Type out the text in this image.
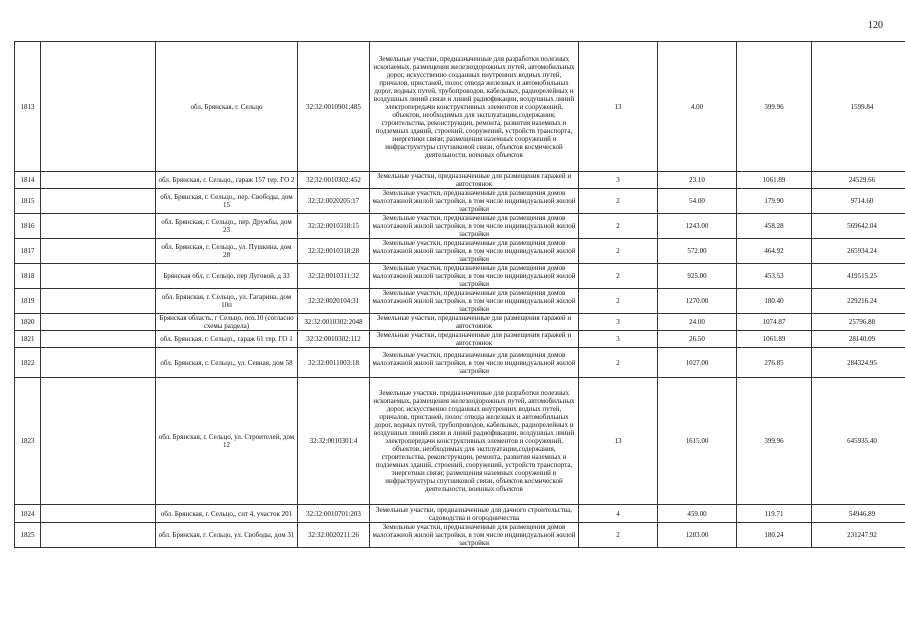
120
1813		обл. Брянская, г. Сельцо	32:32:0010901:485	Земельные участки, предназначенные для разработки полезных ископаемых, размещения железнодорожных путей, автомобильных дорог, искусственно созданных внутренних водных путей, причалов, пристаней, полос отвода железных и автомобильных дорог, водных путей, трубопроводов, кабельных, радиорелейных и воздушных линий связи и линий радиофикации, воздушных линий электропередачи конструктивных элементов и сооружений, объектов, необходимых для эксплуатации,содержания, строительства, реконструкции, ремонта, развития наземных и подземных зданий, строений, сооружений, устройств транспорта, энергетики связи; размещения наземных сооружений и инфраструктуры спутниковой связи, объектов космической деятельности, военных объектов	13	4.00	399.96	1599.84
1814		обл. Брянская, г. Сельцо,, гараж 157 тер. ГО 2	32:32:0010302:452	Земельные участки, предназначенные для размещения гаражей и автостоянок	3	23.10	1061.89	24529.66
1815		обл. Брянская, г. Сельцо,, пер. Свободы, дом 15	32:32:0020205:17	Земельные участки, предназначенные для размещения домов малоэтажной жилой застройки, в том числе индивидуальной жилой застройки	2	54.00	179.90	9714.60
1816		обл. Брянская, г. Сельцо,, пер. Дружбы, дом 23	32:32:0010318:15	Земельные участки, предназначенные для размещения домов малоэтажной жилой застройки, в том числе индивидуальной жилой застройки	2	1243.00	458.28	569642.04
1817		обл. Брянская, г. Сельцо,, ул. Пушкина, дом 28	32:32:0010318:28	Земельные участки, предназначенные для размещения домов малоэтажной жилой застройки, в том числе индивидуальной жилой застройки	2	572.00	464.92	265934.24
1818		Брянская обл, г. Сельцо, пер Луговой, д 33	32:32:0010311:32	Земельные участки, предназначенные для размещения домов малоэтажной жилой застройки, в том числе индивидуальной жилой застройки	2	925.00	453.53	419515.25
1819		обл. Брянская, г. Сельцо,, ул. Гагарина, дом 10п	32:32:0020104:31	Земельные участки, предназначенные для размещения домов малоэтажной жилой застройки, в том числе индивидуальной жилой застройки	2	1270.00	180.40	229216.24
1820		Брянская область, г Сельцо, поз.10 (согласно схемы раздела)	32:32:0010302:2048	Земельные участки, предназначенные для размещения гаражей и автостоянок	3	24.00	1074.87	25796.88
1821		обл. Брянская, г. Сельцо,, гараж 61 тер. ГО 1	32:32:0010302:112	Земельные участки, предназначенные для размещения гаражей и автостоянок	3	26.50	1061.89	28140.09
1822		обл. Брянская, г. Сельцо,, ул. Севная, дом 58	32:32:0011003:18	Земельные участки, предназначенные для размещения домов малоэтажной жилой застройки, в том числе индивидуальной жилой застройки	2	1027.00	276.85	284324.95
1823		обл. Брянская, г. Сельцо, ул. Строителей, дом 12	32:32:0010301:4	Земельные участки, предназначенные для разработки полезных ископаемых, размещения железнодорожных путей, автомобильных дорог, искусственно созданных внутренних водных путей, причалов, пристаней, полос отвода железных и автомобильных дорог, водных путей, трубопроводов, кабельных, радиорелейных и воздушных линий связи и линий радиофикации, воздушных линий электропередачи конструктивных элементов и сооружений, объектов, необходимых для эксплуатации,содержания, строительства, реконструкции, ремонта, развития наземных и подземных зданий, строений, сооружений, устройств транспорта, энергетики связи; размещения наземных сооружений и инфраструктуры спутниковой связи, объектов космической деятельности, военных объектов	13	1615.00	399.96	645935.40
1824		обл. Брянская, г. Сельцо,, снт 4, участок 201	32:32:0010701:203	Земельные участки, предназначенные для дачного строительства, садоводства и огородничества	4	459.00	119.71	54946.89
1825		обл. Брянская, г. Сельцо, ул. Свободы, дом 31	32:32:0020211:26	Земельные участки, предназначенные для размещения домов малоэтажной жилой застройки, в том числе индивидуальной жилой застройки	2	1283.00	180.24	231247.92
